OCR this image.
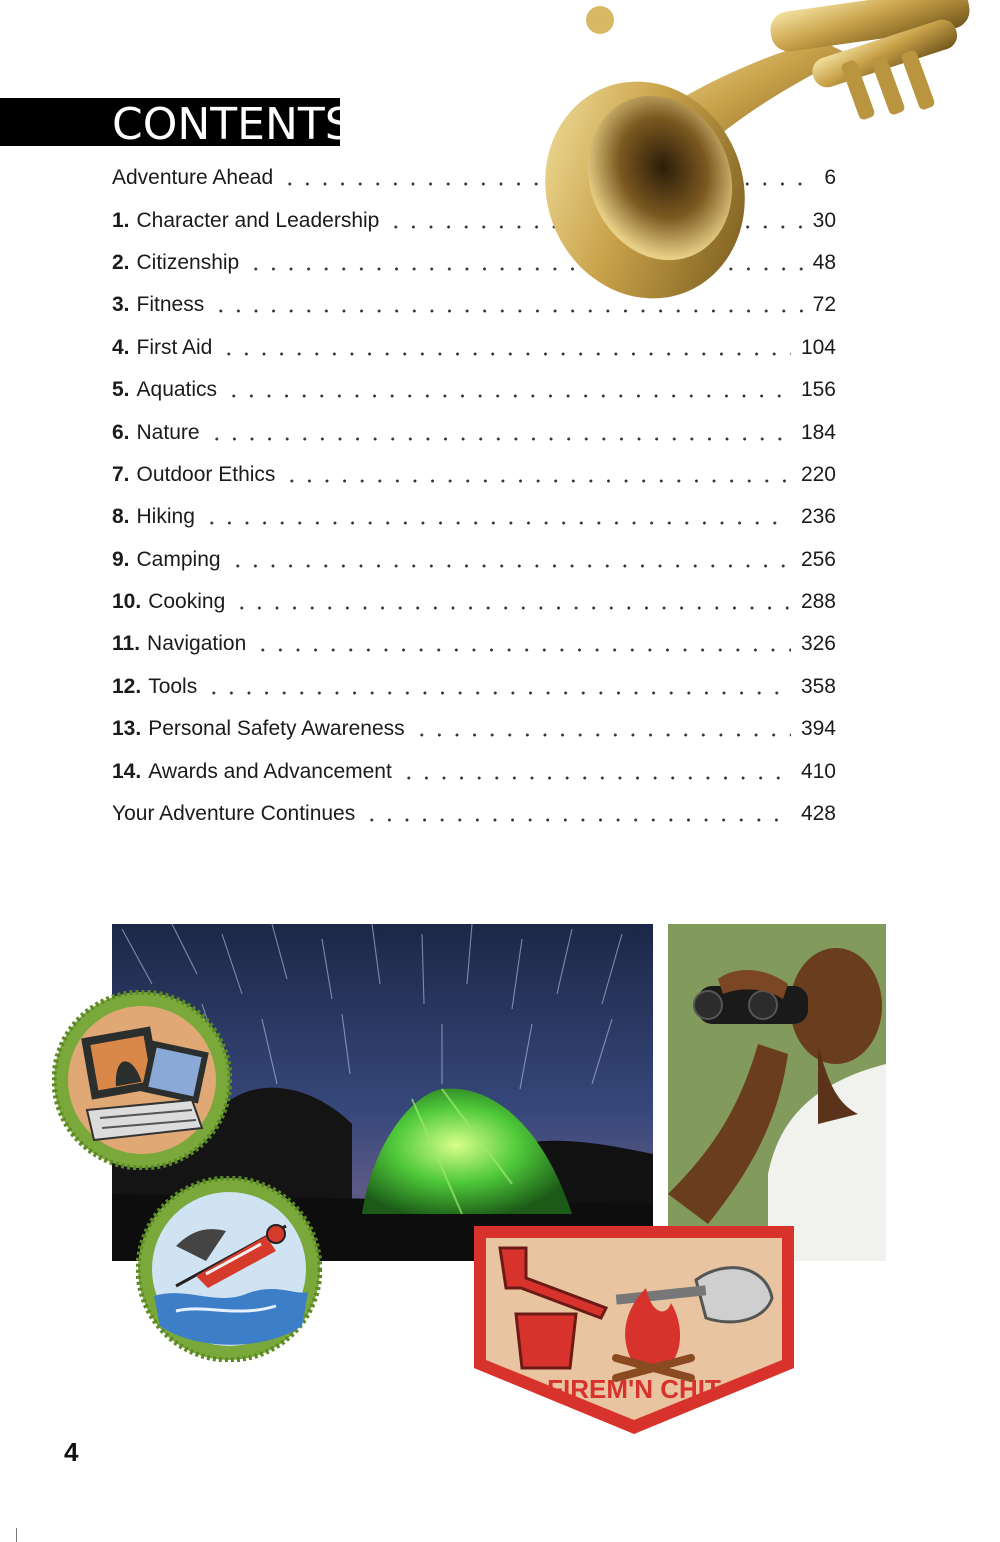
CONTENTS
Adventure Ahead	6
1. Character and Leadership	30
2. Citizenship	48
3. Fitness	72
4. First Aid	104
5. Aquatics	156
6. Nature	184
7. Outdoor Ethics	220
8. Hiking	236
9. Camping	256
10. Cooking	288
11. Navigation	326
12. Tools	358
13. Personal Safety Awareness	394
14. Awards and Advancement	410
Your Adventure Continues	428
FIREM'N CHIT
4
